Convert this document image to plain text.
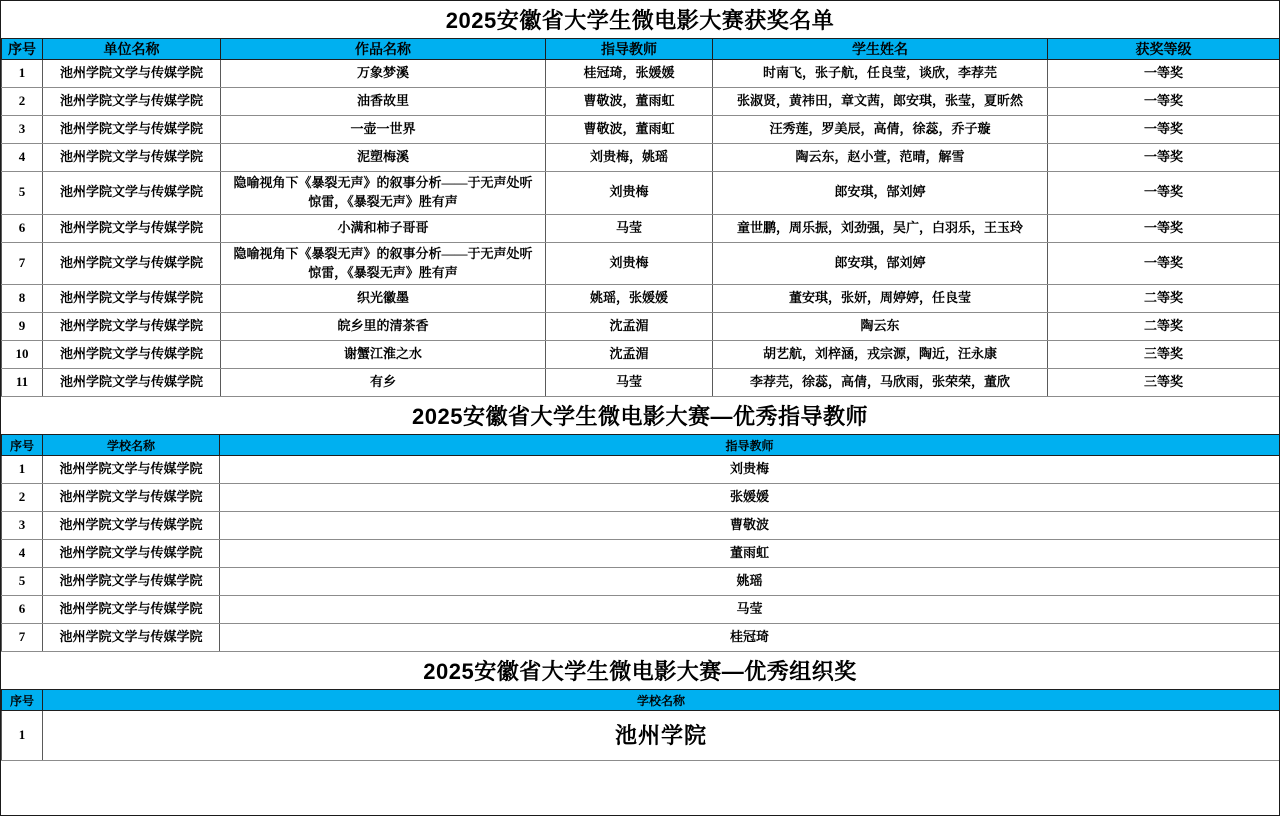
2025安徽省大学生微电影大赛获奖名单
序号	单位名称	作品名称	指导教师	学生姓名	获奖等级
1	池州学院文学与传媒学院	万象梦溪	桂冠琦，张媛媛	时南飞，张子航，任良莹，谈欣，李荐芫	一等奖
2	池州学院文学与传媒学院	油香故里	曹敬波，董雨虹	张淑贤，黄祎田，章文茜，郎安琪，张莹，夏昕然	一等奖
3	池州学院文学与传媒学院	一壶一世界	曹敬波，董雨虹	汪秀莲，罗美辰，高倩，徐蕊，乔子璇	一等奖
4	池州学院文学与传媒学院	泥塑梅溪	刘贵梅，姚瑶	陶云东，赵小萱，范晴，解雪	一等奖
5	池州学院文学与传媒学院	隐喻视角下《暴裂无声》的叙事分析——于无声处听惊雷，《暴裂无声》胜有声	刘贵梅	郎安琪，郜刘婷	一等奖
6	池州学院文学与传媒学院	小满和柿子哥哥	马莹	童世鹏，周乐振，刘劲强，吴广，白羽乐，王玉玲	一等奖
7	池州学院文学与传媒学院	隐喻视角下《暴裂无声》的叙事分析——于无声处听惊雷，《暴裂无声》胜有声	刘贵梅	郎安琪，郜刘婷	一等奖
8	池州学院文学与传媒学院	织光徽墨	姚瑶，张媛媛	董安琪，张妍，周婷婷，任良莹	二等奖
9	池州学院文学与传媒学院	皖乡里的清茶香	沈孟湄	陶云东	二等奖
10	池州学院文学与传媒学院	谢蟹江淮之水	沈孟湄	胡艺航，刘梓涵，戎宗源，陶近，汪永康	三等奖
11	池州学院文学与传媒学院	有乡	马莹	李荐芫，徐蕊，高倩，马欣雨，张荣荣，董欣	三等奖
2025安徽省大学生微电影大赛—优秀指导教师
序号	学校名称	指导教师
1	池州学院文学与传媒学院	刘贵梅
2	池州学院文学与传媒学院	张媛媛
3	池州学院文学与传媒学院	曹敬波
4	池州学院文学与传媒学院	董雨虹
5	池州学院文学与传媒学院	姚瑶
6	池州学院文学与传媒学院	马莹
7	池州学院文学与传媒学院	桂冠琦
2025安徽省大学生微电影大赛—优秀组织奖
序号	学校名称
1	池州学院
